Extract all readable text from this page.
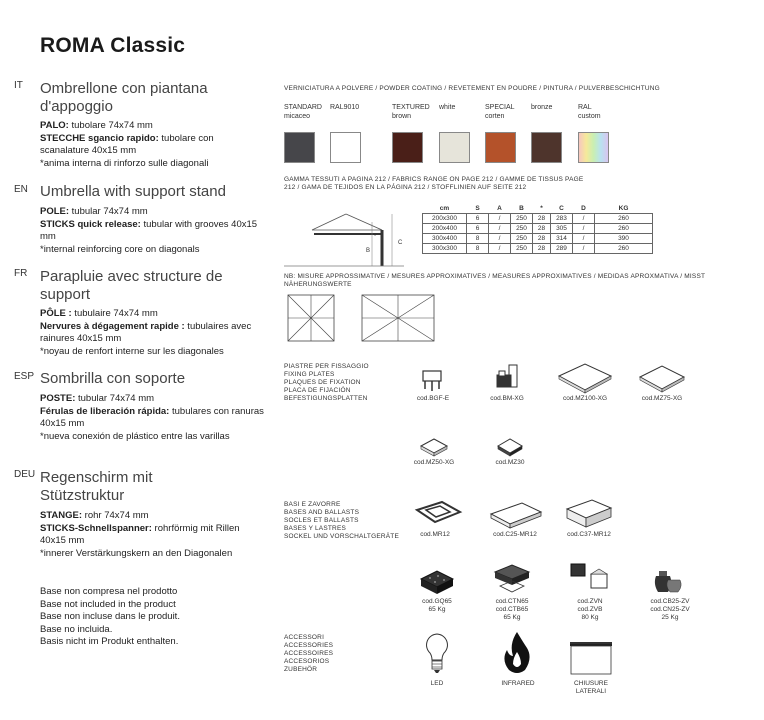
ROMA Classic
IT Ombrellone con piantana d'appoggio
PALO: tubolare 74x74 mm
STECCHE sgancio rapido: tubolare con scanalature 40x15 mm
*anima interna di rinforzo sulle diagonali
EN Umbrella with support stand
POLE: tubular 74x74 mm
STICKS quick release: tubular with grooves 40x15 mm
*internal reinforcing core on diagonals
FR Parapluie avec structure de support
PÔLE : tubulaire 74x74 mm
Nervures à dégagement rapide : tubulaires avec rainures 40x15 mm
*noyau de renfort interne sur les diagonales
ESP Sombrilla con soporte
POSTE: tubular 74x74 mm
Férulas de liberación rápida: tubulares con ranuras 40x15 mm
*nueva conexión de plástico entre las varillas
DEU Regenschirm mit Stützstruktur
STANGE: rohr 74x74 mm
STICKS-Schnellspanner: rohrförmig mit Rillen 40x15 mm
*innerer Verstärkungskern an den Diagonalen
Base non compresa nel prodotto
Base not included in the product
Base non incluse dans le produit.
Base no incluida.
Basis nicht im Produkt enthalten.
VERNICIATURA A POLVERE / POWDER COATING / REVETEMENT EN POUDRE / PINTURA / PULVERBESCHICHTUNG
STANDARD
micaceo
RAL9010	TEXTURED
brown
white	SPECIAL
corten
bronze	RAL
custom
GAMMA TESSUTI A PAGINA 212 / FABRICS RANGE ON PAGE 212 / GAMME DE TISSUS PAGE 212 / GAMA DE TEJIDOS EN LA PÁGINA 212 / STOFFLINIEN AUF SEITE 212
B
*
C
cm	S	A	B	*	C	D	KG
200x300	6	/	250	28	283	/	260
200x400	6	/	250	28	305	/	260
300x400	8	/	250	28	314	/	390
300x300	8	/	250	28	289	/	260
NB: MISURE APPROSSIMATIVE / MESURES APPROXIMATIVES / MEASURES APPROXIMATIVES / MEDIDAS APROXMATIVA / MISST NÄHERUNGSWERTE
PIASTRE PER FISSAGGIO
FIXING PLATES
PLAQUES DE FIXATION
PLACA DE FIJACIÓN
BEFESTIGUNGSPLATTEN	cod.BGF-E	cod.BM-XG	cod.MZ100-XG	cod.MZ75-XG
cod.MZ50-XG	cod.MZ30
BASI E ZAVORRE
BASES AND BALLASTS
SOCLES ET BALLASTS
BASES Y LASTRES
SOCKEL UND VORSCHALTGERÄTE	cod.MR12	cod.C25-MR12	cod.C37-MR12
cod.GQ65
65 Kg
cod.CTN65
cod.CTB65
65 Kg
cod.ZVN
cod.ZVB
80 Kg
cod.CB25-ZV
cod.CN25-ZV
25 Kg
ACCESSORI
ACCESSORIES
ACCESSOIRES
ACCESORIOS
ZUBEHÖR
LED	INFRARED	CHIUSURE
LATERALI
